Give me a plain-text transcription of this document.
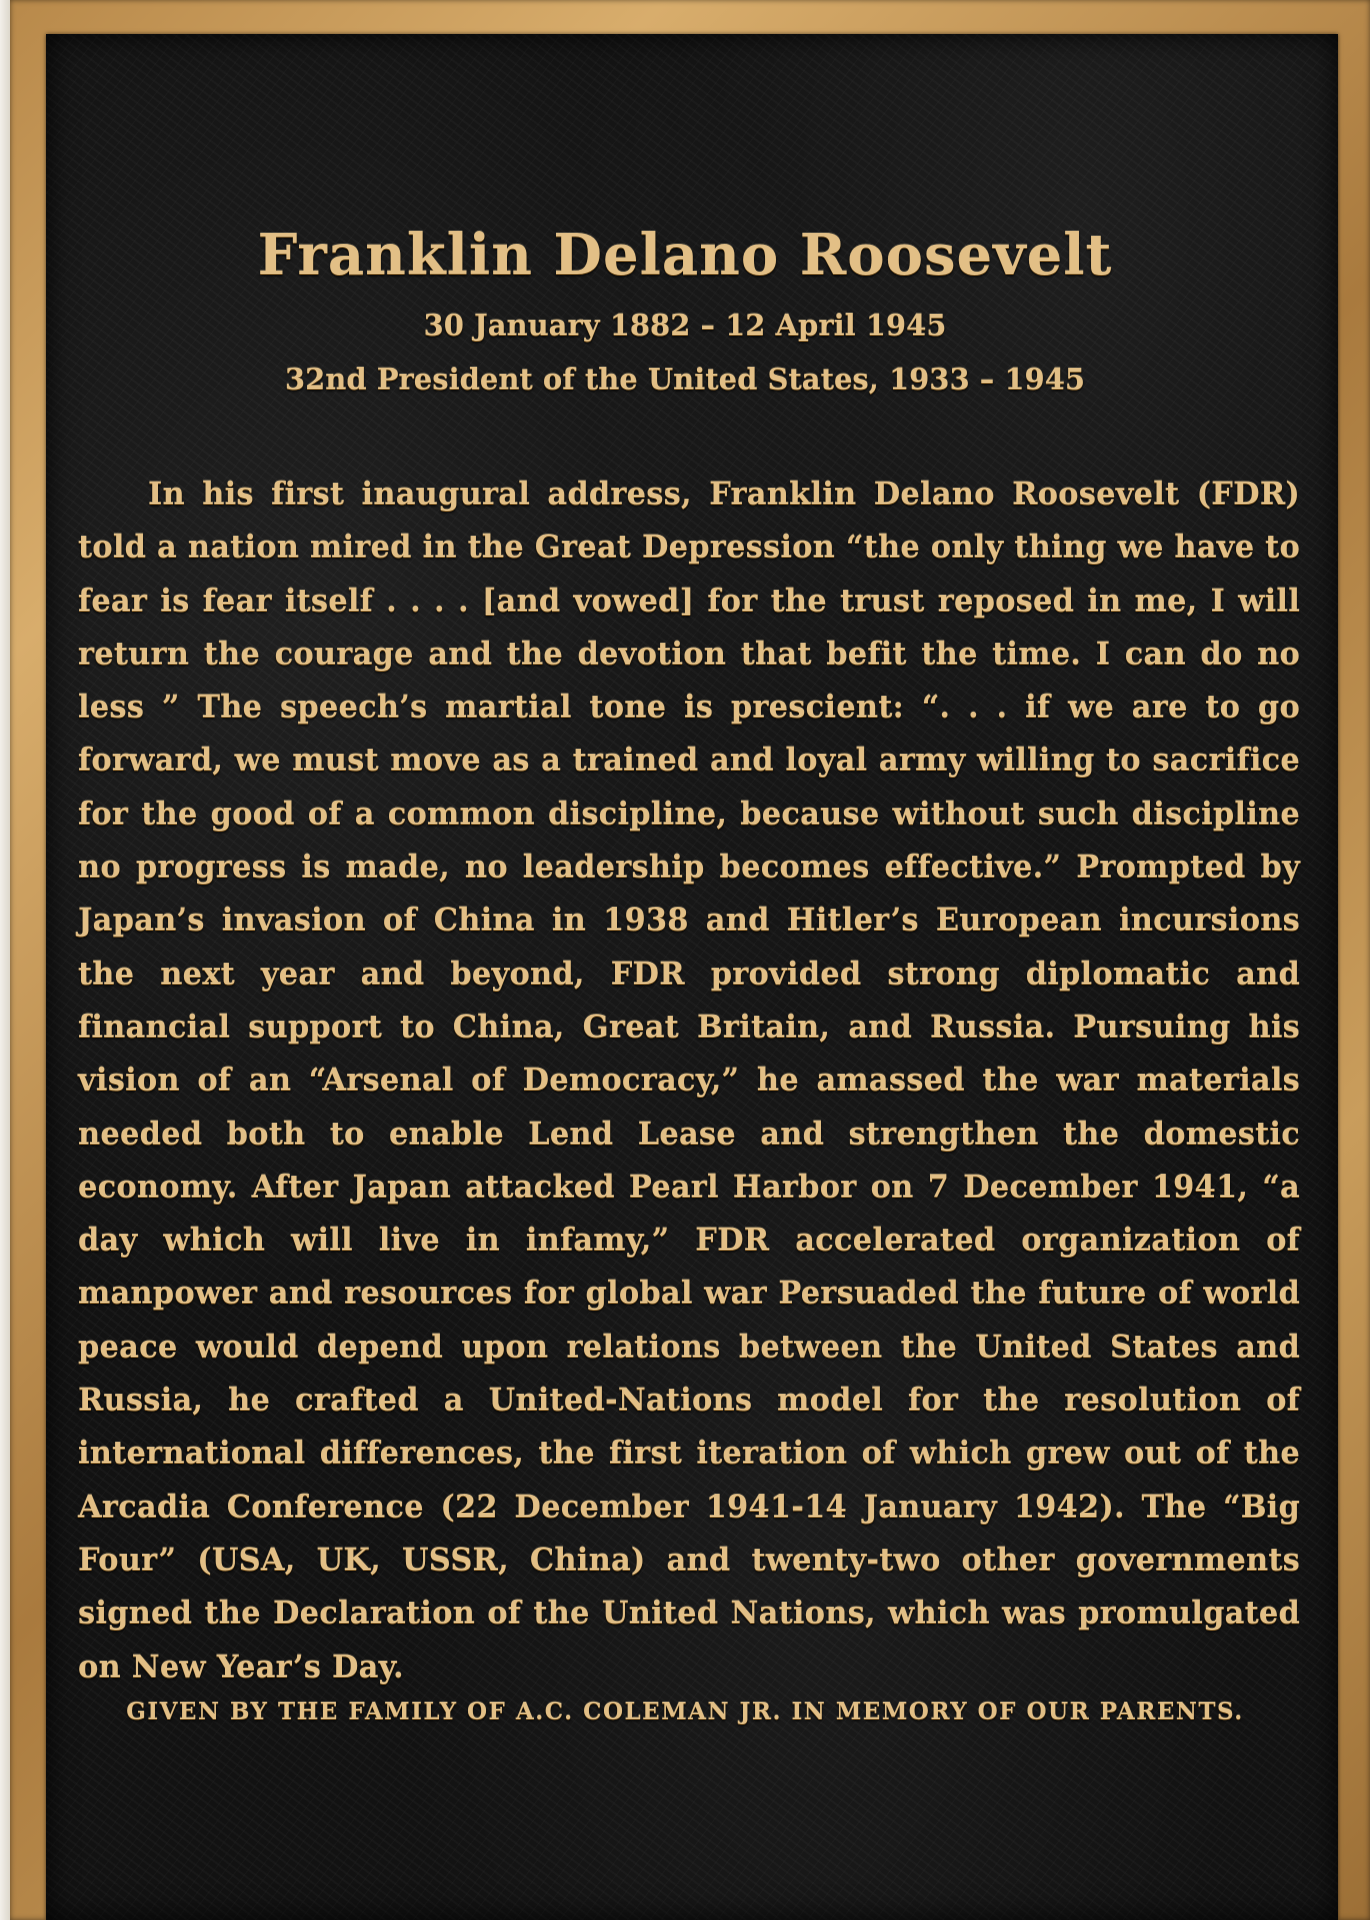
Franklin Delano Roosevelt

30 January 1882 – 12 April 1945

32nd President of the United States, 1933 – 1945

In his first inaugural address, Franklin Delano Roosevelt (FDR) told a nation mired in the Great Depression “the only thing we have to fear is fear itself . . . . [and vowed] for the trust reposed in me, I will return the courage and the devotion that befit the time. I can do no less ” The speech’s martial tone is prescient: “. . . if we are to go forward, we must move as a trained and loyal army willing to sacrifice for the good of a common discipline, because without such discipline no progress is made, no leadership becomes effective.” Prompted by Japan’s invasion of China in 1938 and Hitler’s European incursions the next year and beyond, FDR provided strong diplomatic and financial support to China, Great Britain, and Russia. Pursuing his vision of an “Arsenal of Democracy,” he amassed the war materials needed both to enable Lend Lease and strengthen the domestic economy. After Japan attacked Pearl Harbor on 7 December 1941, “a day which will live in infamy,” FDR accelerated organization of manpower and resources for global war Persuaded the future of world peace would depend upon relations between the United States and Russia, he crafted a United-Nations model for the resolution of international differences, the first iteration of which grew out of the Arcadia Conference (22 December 1941-14 January 1942). The “Big Four” (USA, UK, USSR, China) and twenty-two other governments signed the Declaration of the United Nations, which was promulgated on New Year’s Day.

GIVEN BY THE FAMILY OF A.C. COLEMAN JR. IN MEMORY OF OUR PARENTS.
